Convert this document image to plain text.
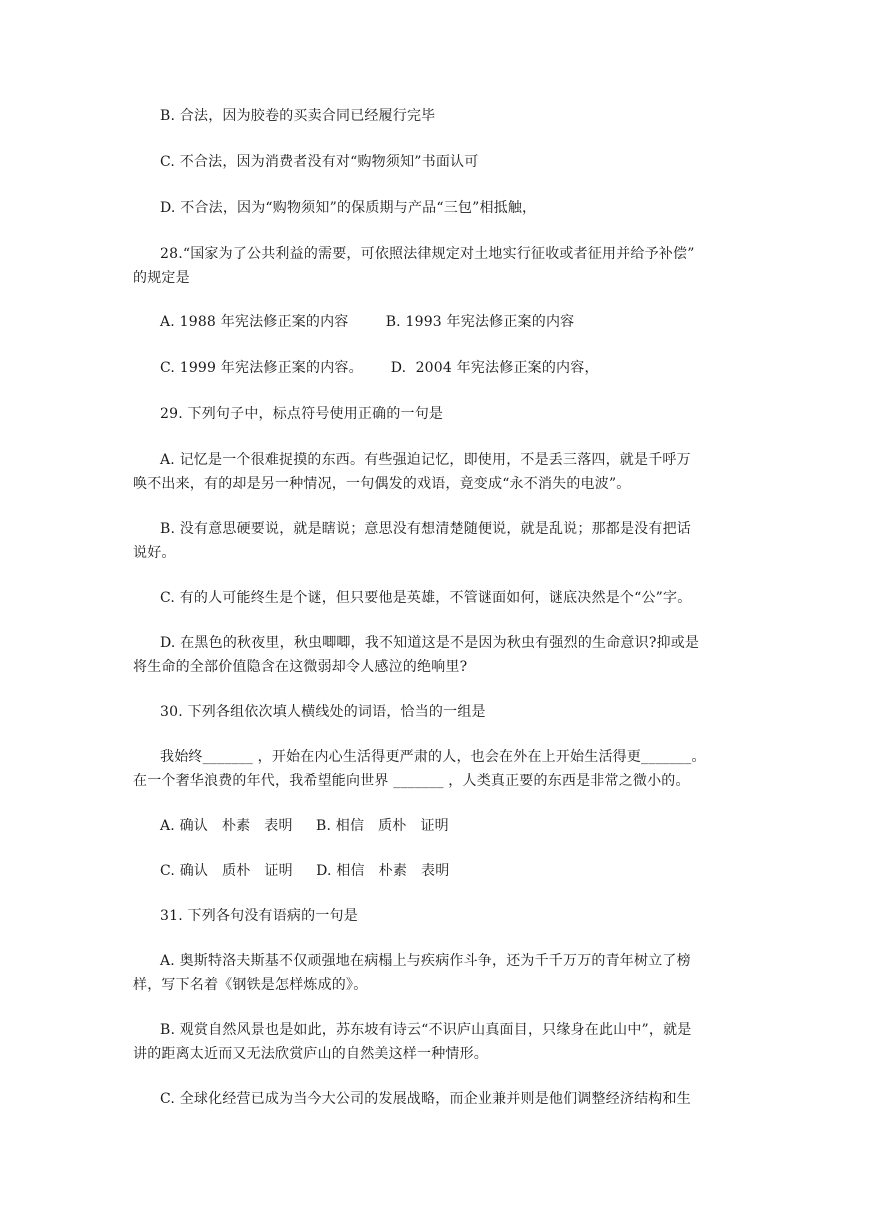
B. 合法，因为胶卷的买卖合同已经履行完毕
C. 不合法，因为消费者没有对“购物须知”书面认可
D. 不合法，因为“购物须知”的保质期与产品“三包”相抵触，
28.“国家为了公共利益的需要，可依照法律规定对土地实行征收或者征用并给予补偿”
的规定是
A. 1988 年宪法修正案的内容        B. 1993 年宪法修正案的内容
C. 1999 年宪法修正案的内容。      D.  2004 年宪法修正案的内容，
29. 下列句子中，标点符号使用正确的一句是
A. 记忆是一个很难捉摸的东西。有些强迫记忆，即使用，不是丢三落四，就是千呼万
唤不出来，有的却是另一种情况，一句偶发的戏语，竟变成“永不消失的电波”。
B. 没有意思硬要说，就是瞎说；意思没有想清楚随便说，就是乱说；那都是没有把话
说好。
C. 有的人可能终生是个谜，但只要他是英雄，不管谜面如何，谜底决然是个“公”字。
D. 在黑色的秋夜里，秋虫唧唧，我不知道这是不是因为秋虫有强烈的生命意识?抑或是
将生命的全部价值隐含在这微弱却令人感泣的绝响里?
30. 下列各组依次填人横线处的词语，恰当的一组是
我始终_______ ，开始在内心生活得更严肃的人，也会在外在上开始生活得更_______。
在一个奢华浪费的年代，我希望能向世界 _______ ，人类真正要的东西是非常之微小的。
A. 确认   朴素   表明     B. 相信   质朴   证明
C. 确认   质朴   证明     D. 相信   朴素   表明
31. 下列各句没有语病的一句是
A. 奥斯特洛夫斯基不仅顽强地在病榻上与疾病作斗争，还为千千万万的青年树立了榜
样，写下名着《钢铁是怎样炼成的》。
B. 观赏自然风景也是如此，苏东坡有诗云“不识庐山真面目，只缘身在此山中”，就是
讲的距离太近而又无法欣赏庐山的自然美这样一种情形。
C. 全球化经营已成为当今大公司的发展战略，而企业兼并则是他们调整经济结构和生
